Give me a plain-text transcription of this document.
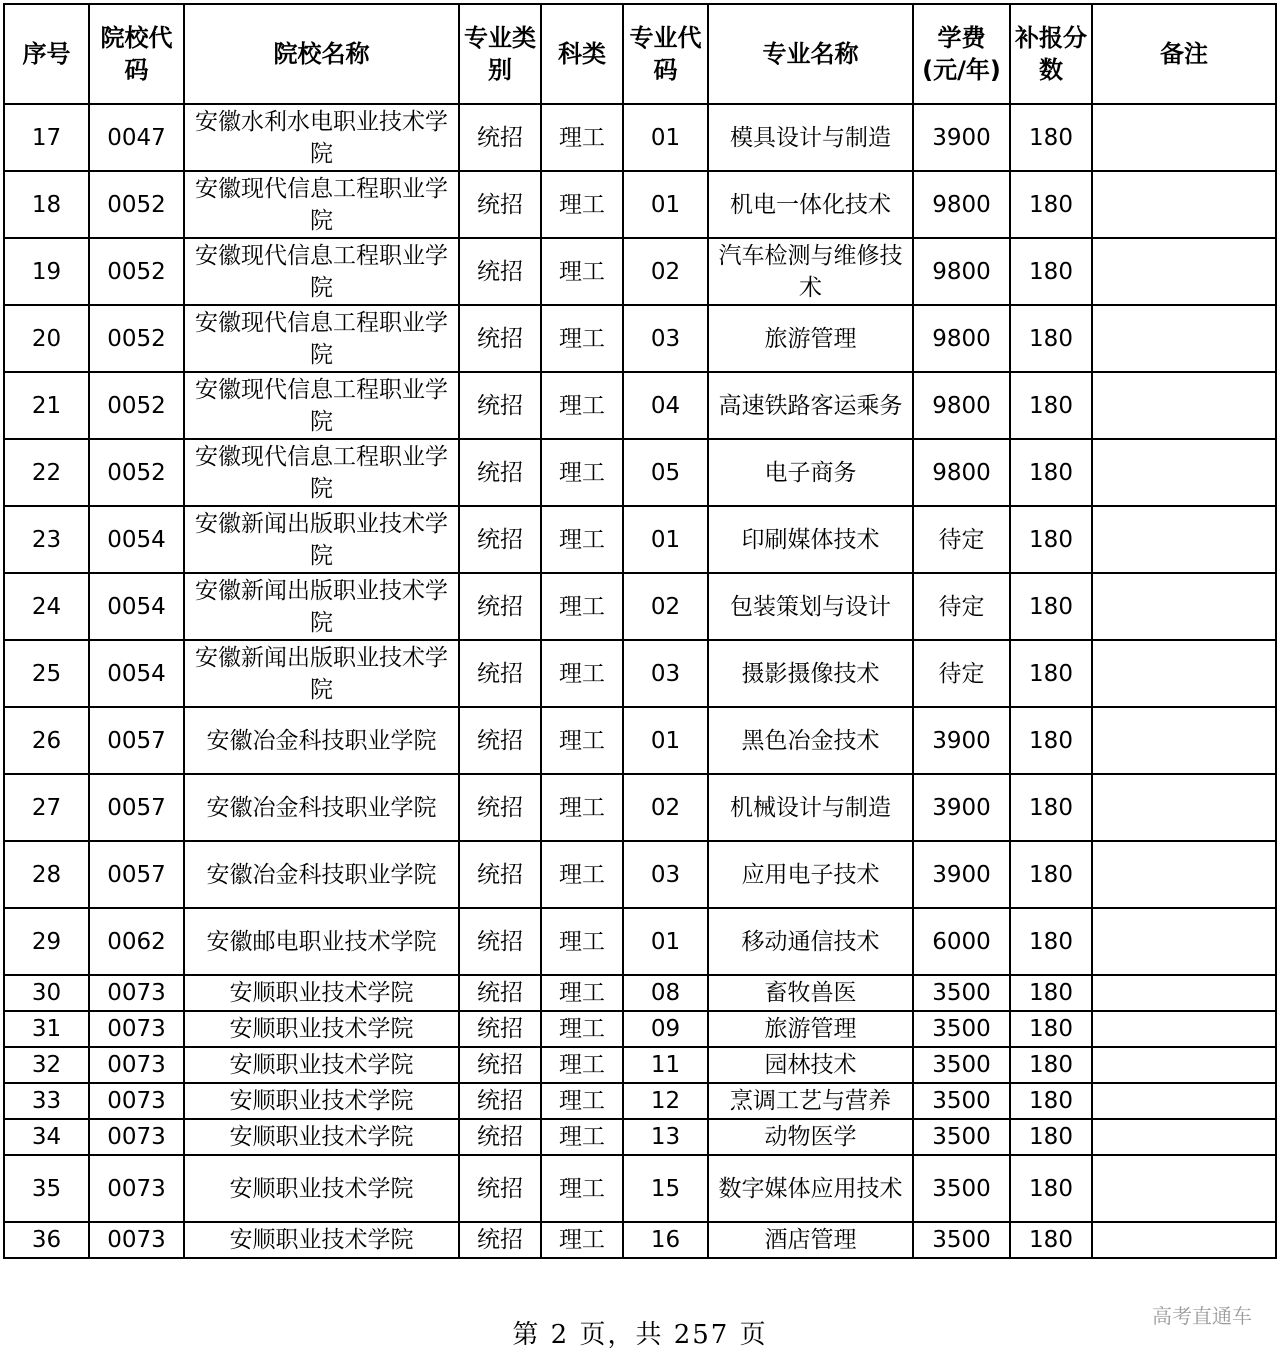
序号	院校代码	院校名称	专业类别	科类	专业代码	专业名称	学费(元/年)	补报分数	备注
17	0047	安徽水利水电职业技术学院	统招	理工	01	模具设计与制造	3900	180	
18	0052	安徽现代信息工程职业学院	统招	理工	01	机电一体化技术	9800	180	
19	0052	安徽现代信息工程职业学院	统招	理工	02	汽车检测与维修技术	9800	180	
20	0052	安徽现代信息工程职业学院	统招	理工	03	旅游管理	9800	180	
21	0052	安徽现代信息工程职业学院	统招	理工	04	高速铁路客运乘务	9800	180	
22	0052	安徽现代信息工程职业学院	统招	理工	05	电子商务	9800	180	
23	0054	安徽新闻出版职业技术学院	统招	理工	01	印刷媒体技术	待定	180	
24	0054	安徽新闻出版职业技术学院	统招	理工	02	包装策划与设计	待定	180	
25	0054	安徽新闻出版职业技术学院	统招	理工	03	摄影摄像技术	待定	180	
26	0057	安徽冶金科技职业学院	统招	理工	01	黑色冶金技术	3900	180	
27	0057	安徽冶金科技职业学院	统招	理工	02	机械设计与制造	3900	180	
28	0057	安徽冶金科技职业学院	统招	理工	03	应用电子技术	3900	180	
29	0062	安徽邮电职业技术学院	统招	理工	01	移动通信技术	6000	180	
30	0073	安顺职业技术学院	统招	理工	08	畜牧兽医	3500	180	
31	0073	安顺职业技术学院	统招	理工	09	旅游管理	3500	180	
32	0073	安顺职业技术学院	统招	理工	11	园林技术	3500	180	
33	0073	安顺职业技术学院	统招	理工	12	烹调工艺与营养	3500	180	
34	0073	安顺职业技术学院	统招	理工	13	动物医学	3500	180	
35	0073	安顺职业技术学院	统招	理工	15	数字媒体应用技术	3500	180	
36	0073	安顺职业技术学院	统招	理工	16	酒店管理	3500	180	
第 2 页，共 257 页
高考直通车
